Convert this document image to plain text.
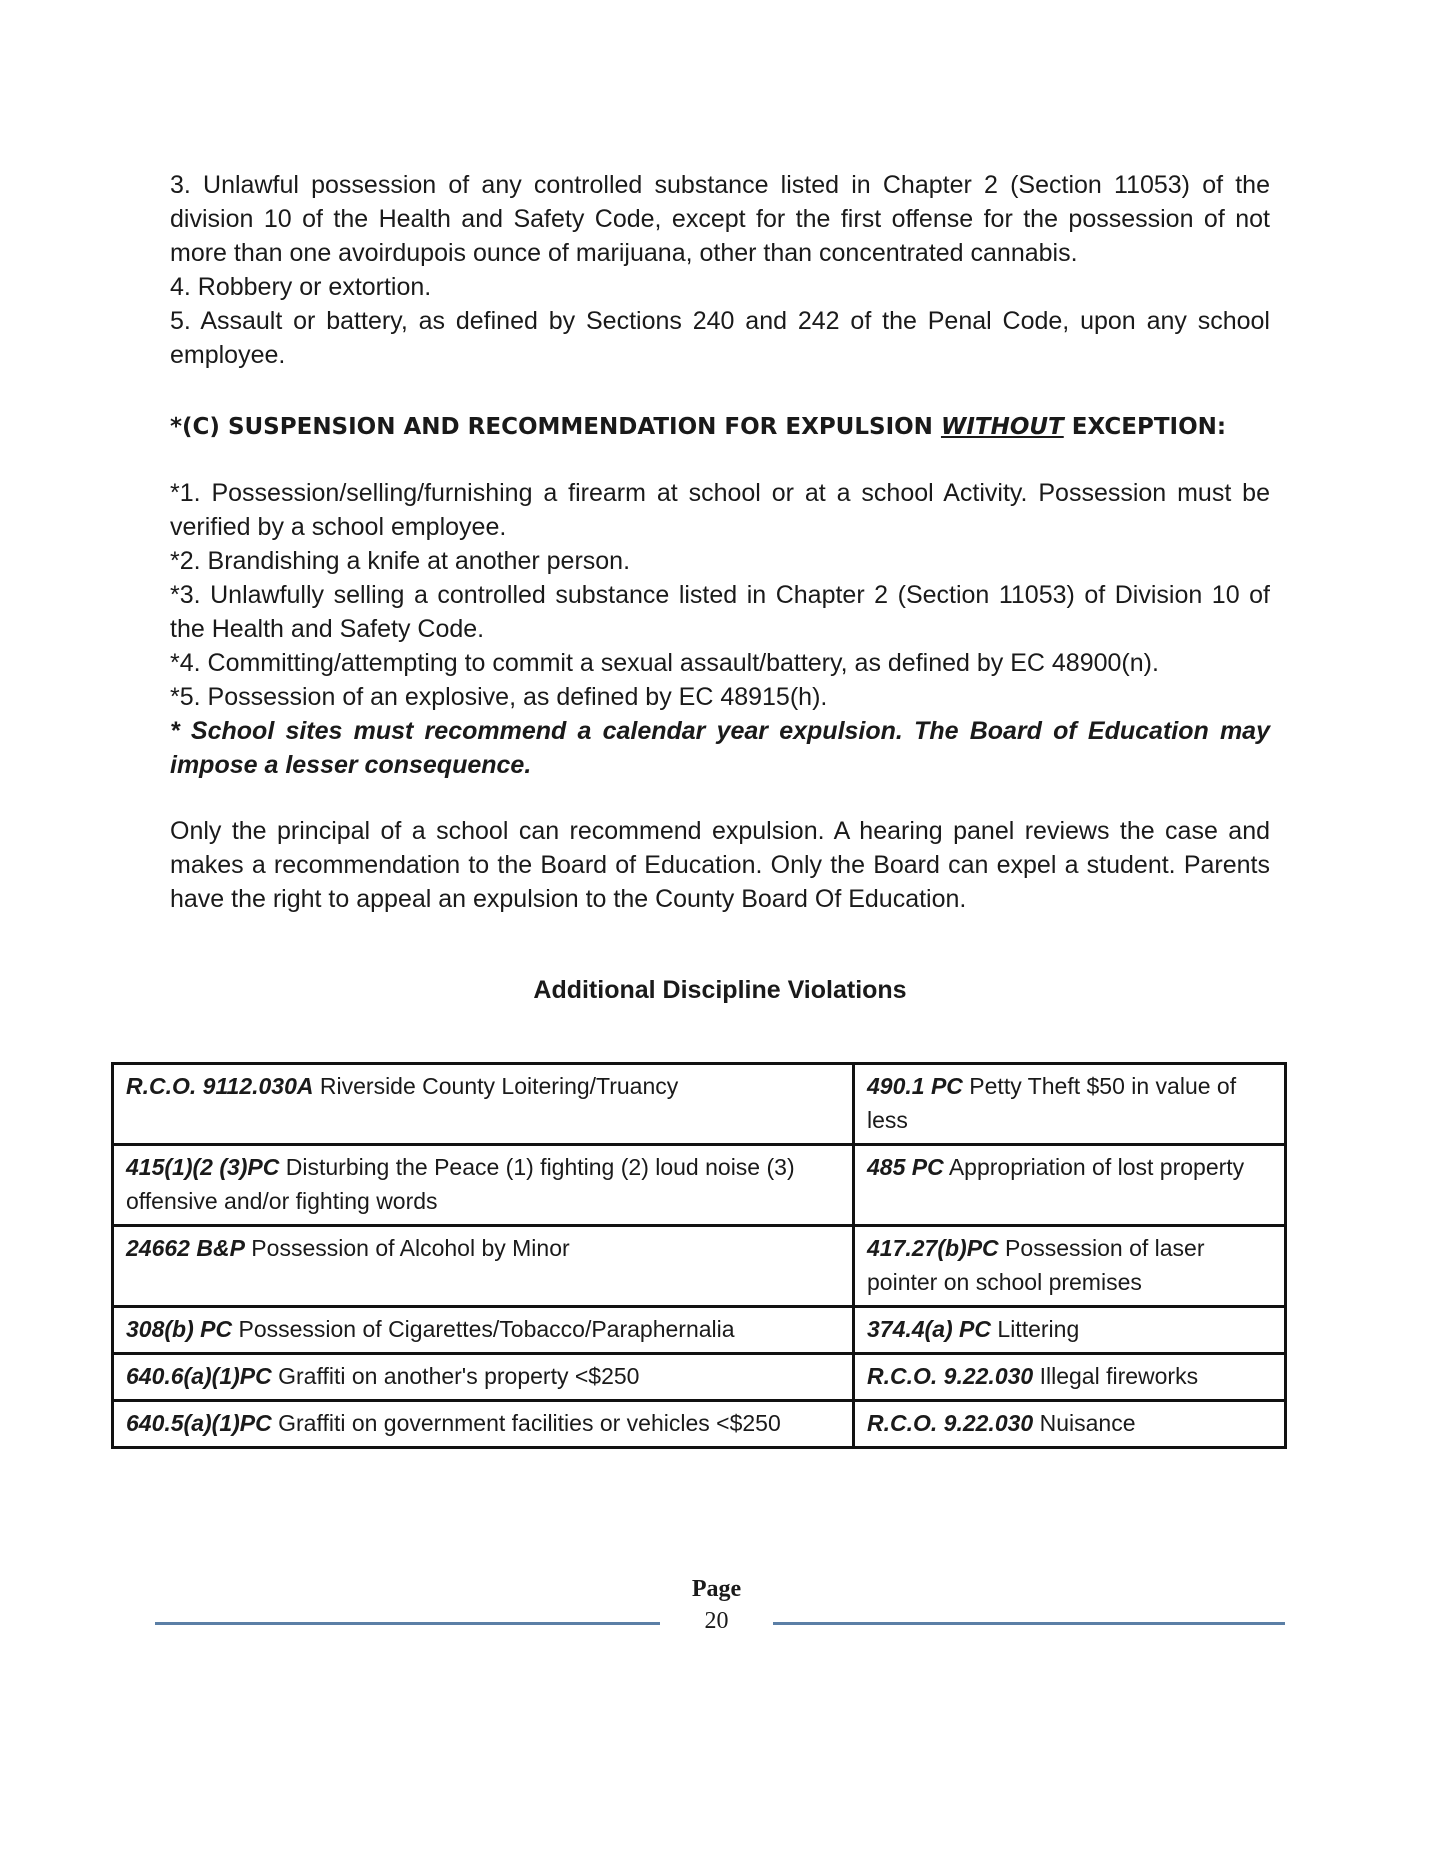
3. Unlawful possession of any controlled substance listed in Chapter 2 (Section 11053) of the division 10 of the Health and Safety Code, except for the first offense for the possession of not more than one avoirdupois ounce of marijuana, other than concentrated cannabis.

4. Robbery or extortion.

5. Assault or battery, as defined by Sections 240 and 242 of the Penal Code, upon any school employee.

*(C) SUSPENSION AND RECOMMENDATION FOR EXPULSION WITHOUT EXCEPTION:

*1. Possession/selling/furnishing a firearm at school or at a school Activity. Possession must be verified by a school employee.

*2. Brandishing a knife at another person.

*3. Unlawfully selling a controlled substance listed in Chapter 2 (Section 11053) of Division 10 of the Health and Safety Code.

*4. Committing/attempting to commit a sexual assault/battery, as defined by EC 48900(n).

*5. Possession of an explosive, as defined by EC 48915(h).

* School sites must recommend a calendar year expulsion. The Board of Education may impose a lesser consequence.

Only the principal of a school can recommend expulsion. A hearing panel reviews the case and makes a recommendation to the Board of Education. Only the Board can expel a student. Parents have the right to appeal an expulsion to the County Board Of Education.

Additional Discipline Violations
R.C.O. 9112.030A Riverside County Loitering/Truancy	490.1 PC Petty Theft $50 in value of less
415(1)(2 (3)PC Disturbing the Peace (1) fighting (2) loud noise (3) offensive and/or fighting words	485 PC Appropriation of lost property
24662 B&P Possession of Alcohol by Minor	417.27(b)PC Possession of laser pointer on school premises
308(b) PC Possession of Cigarettes/Tobacco/Paraphernalia	374.4(a) PC Littering
640.6(a)(1)PC Graffiti on another's property <$250	R.C.O. 9.22.030 Illegal fireworks
640.5(a)(1)PC Graffiti on government facilities or vehicles <$250	R.C.O. 9.22.030 Nuisance
Page
20
